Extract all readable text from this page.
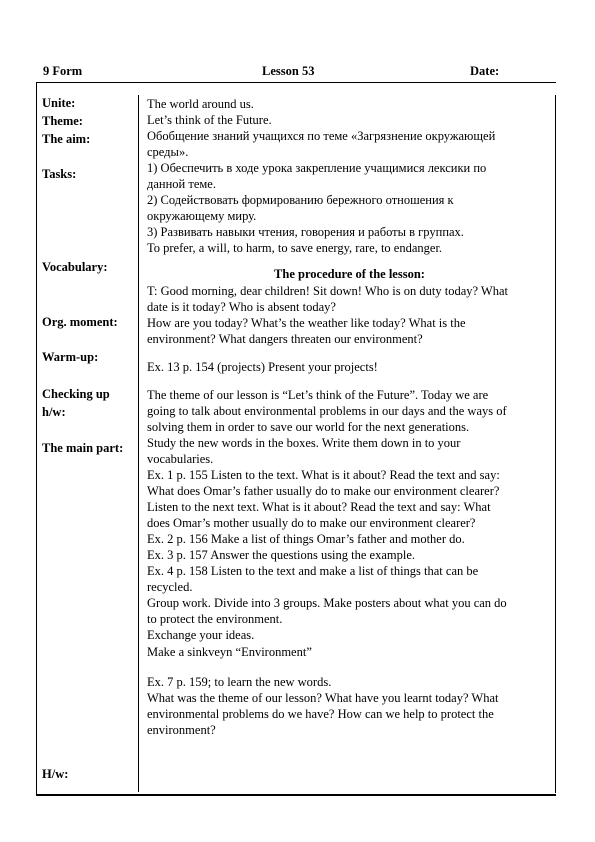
9 Form	Lesson 53	Date:
Unite:
Theme:
The aim:
Tasks:
Vocabulary:
Org. moment:
Warm-up:
Checking up
h/w:
The main part:
H/w:
The world around us.
Let’s think of the Future.
Обобщение знаний учащихся по теме «Загрязнение окружающей
среды».
1) Обеспечить в ходе урока закрепление учащимися лексики по
данной теме.
2) Содействовать формированию бережного отношения к
окружающему миру.
3) Развивать навыки чтения, говорения и работы в группах.
To prefer, a will, to harm, to save energy, rare, to endanger.
The procedure of the lesson:
T: Good morning, dear children! Sit down! Who is on duty today? What
date is it today? Who is absent today?
How are you today? What’s the weather like today? What is the
environment? What dangers threaten our environment?
Ex. 13 p. 154 (projects) Present your projects!
The theme of our lesson is “Let’s think of the Future”. Today we are
going to talk about environmental problems in our days and the ways of
solving them in order to save our world for the next generations.
Study the new words in the boxes. Write them down in to your
vocabularies.
Ex. 1 p. 155 Listen to the text. What is it about? Read the text and say:
What does Omar’s father usually do to make our environment clearer?
Listen to the next text. What is it about? Read the text and say: What
does Omar’s mother usually do to make our environment clearer?
Ex. 2 p. 156 Make a list of things Omar’s father and mother do.
Ex. 3 p. 157 Answer the questions using the example.
Ex. 4 p. 158 Listen to the text and make a list of things that can be
recycled.
Group work. Divide into 3 groups. Make posters about what you can do
to protect the environment.
Exchange your ideas.
Make a sinkveyn “Environment”
Ex. 7 p. 159; to learn the new words.
What was the theme of our lesson? What have you learnt today? What
environmental problems do we have? How can we help to protect the
environment?
